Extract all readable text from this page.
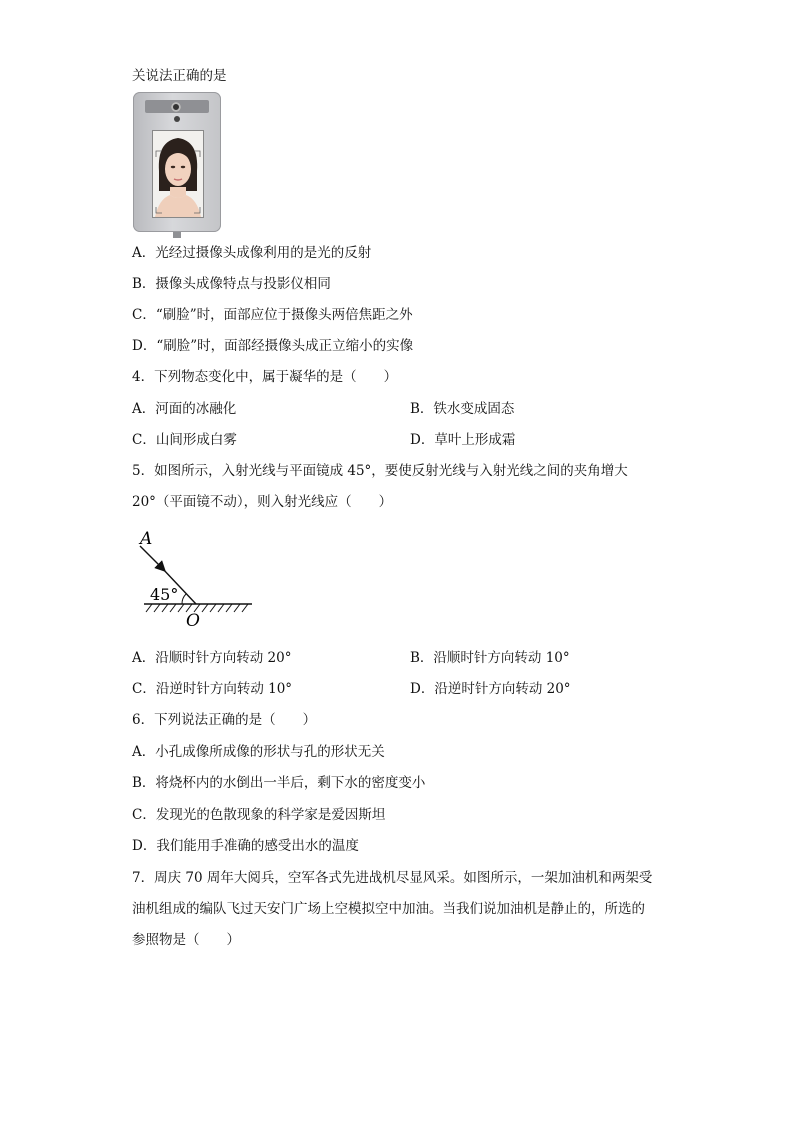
关说法正确的是
A．光经过摄像头成像利用的是光的反射
B．摄像头成像特点与投影仪相同
C．“刷脸”时，面部应位于摄像头两倍焦距之外
D．“刷脸”时，面部经摄像头成正立缩小的实像
4．下列物态变化中，属于凝华的是（　　）
A．河面的冰融化	B．铁水变成固态
C．山间形成白雾	D．草叶上形成霜
5．如图所示，入射光线与平面镜成 45°，要使反射光线与入射光线之间的夹角增大
20°（平面镜不动），则入射光线应（　　）
A
45°
O
A．沿顺时针方向转动 20°	B．沿顺时针方向转动 10°
C．沿逆时针方向转动 10°	D．沿逆时针方向转动 20°
6．下列说法正确的是（　　）
A．小孔成像所成像的形状与孔的形状无关
B．将烧杯内的水倒出一半后，剩下水的密度变小
C．发现光的色散现象的科学家是爱因斯坦
D．我们能用手准确的感受出水的温度
7．周庆 70 周年大阅兵，空军各式先进战机尽显风采。如图所示，一架加油机和两架受
油机组成的编队飞过天安门广场上空模拟空中加油。当我们说加油机是静止的，所选的
参照物是（　　）
